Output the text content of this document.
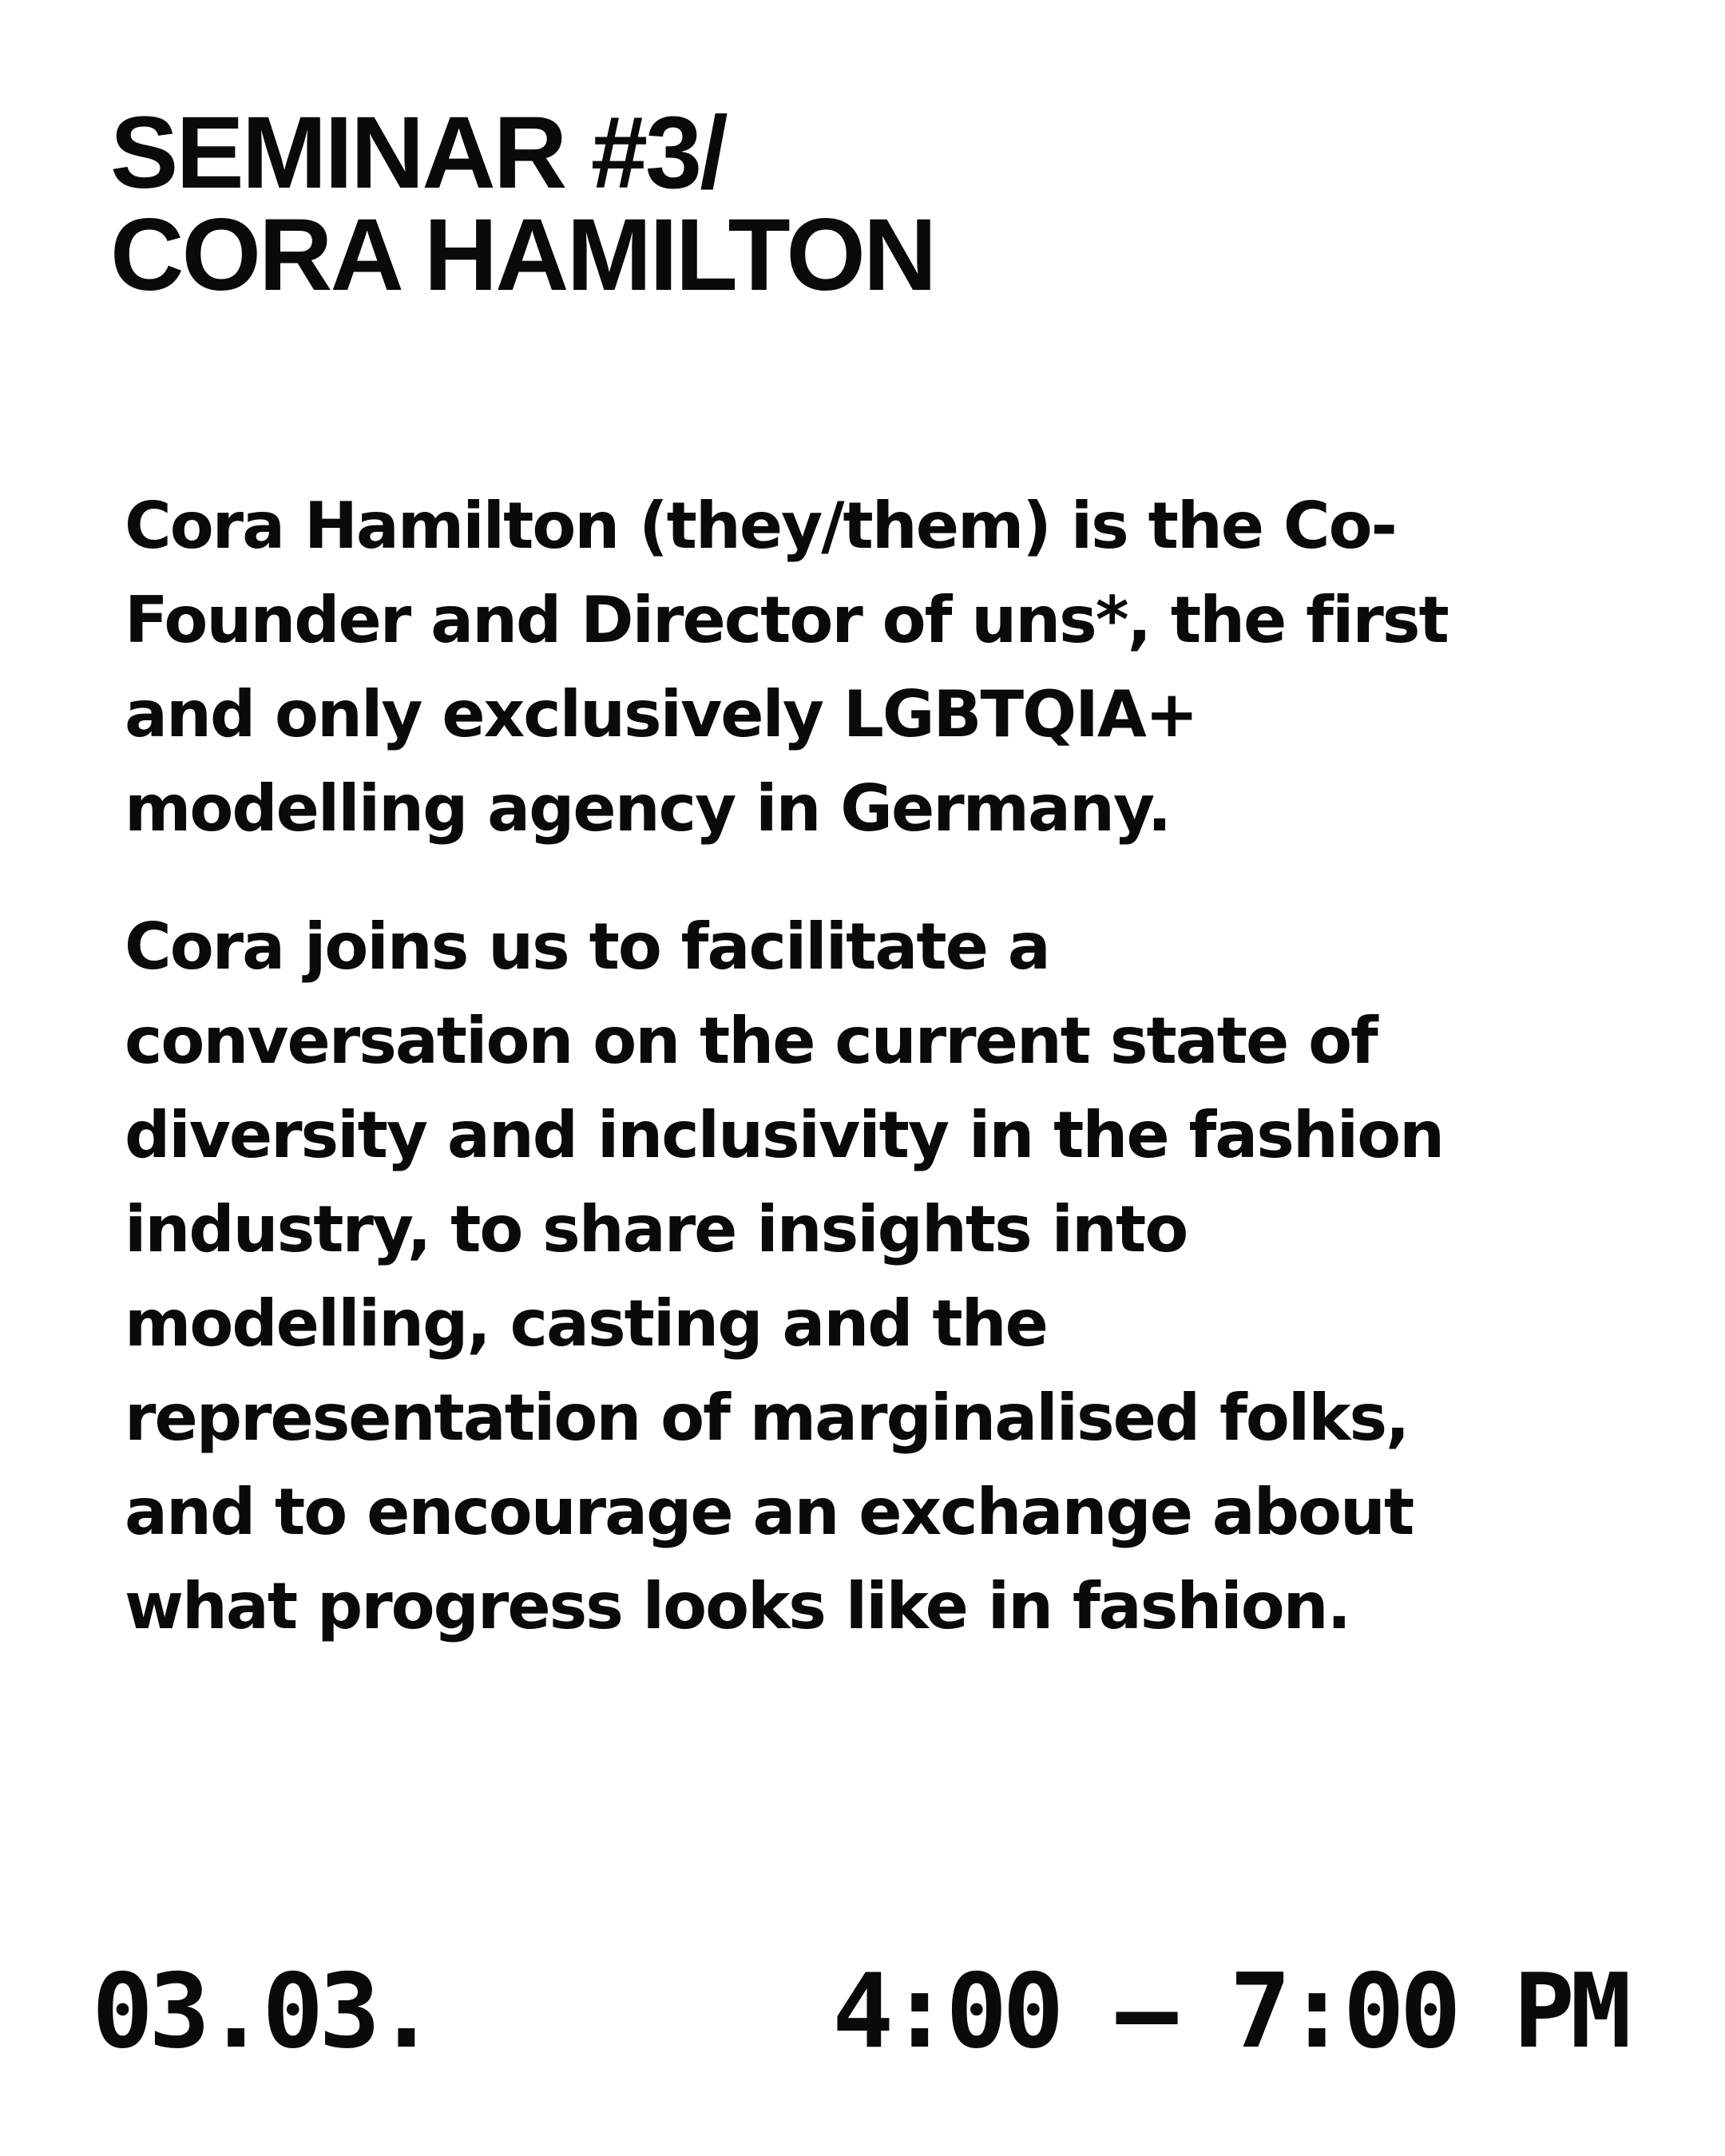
SEMINAR #3/
CORA HAMILTON

Cora Hamilton (they/them) is the Co-
Founder and Director of uns*, the first
and only exclusively LGBTQIA+
modelling agency in Germany.

Cora joins us to facilitate a
conversation on the current state of
diversity and inclusivity in the fashion
industry, to share insights into
modelling, casting and the
representation of marginalised folks,
and to encourage an exchange about
what progress looks like in fashion.

03.03.	4:00 – 7:00 PM
